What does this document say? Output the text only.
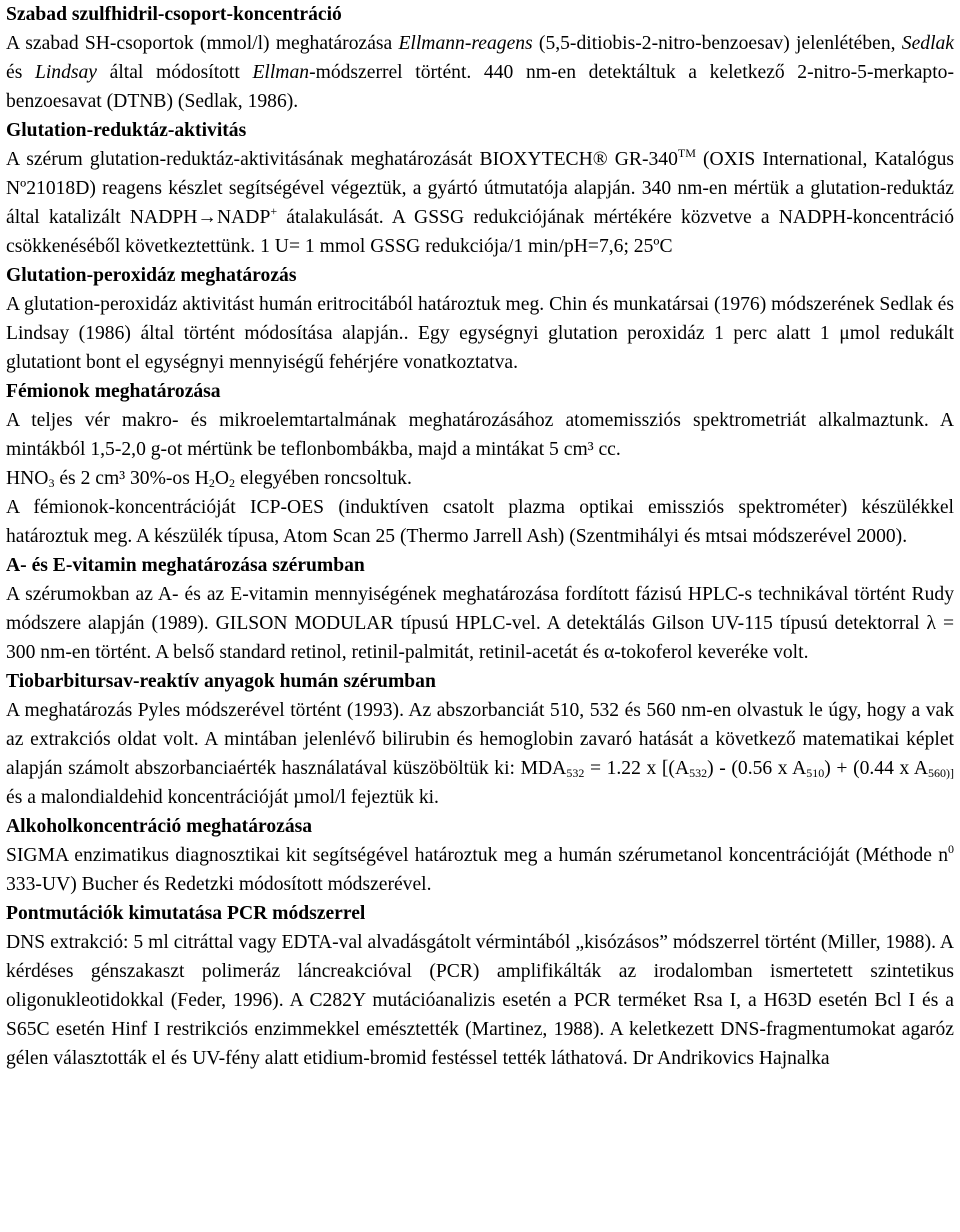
Szabad szulfhidril-csoport-koncentráció

A szabad SH-csoportok (mmol/l) meghatározása Ellmann-reagens (5,5-ditiobis-2-nitro-benzoesav) jelenlétében, Sedlak és Lindsay által módosított Ellman-módszerrel történt. 440 nm-en detektáltuk a keletkező 2-nitro-5-merkapto-benzoesavat (DTNB) (Sedlak, 1986).

Glutation-reduktáz-aktivitás

A szérum glutation-reduktáz-aktivitásának meghatározását BIOXYTECH® GR-340™ (OXIS International, Katalógus Nº21018D) reagens készlet segítségével végeztük, a gyártó útmutatója alapján. 340 nm-en mértük a glutation-reduktáz által katalizált NADPH→NADP+ átalakulását. A GSSG redukciójának mértékére közvetve a NADPH-koncentráció csökkenéséből következtettünk. 1 U= 1 mmol GSSG redukciója/1 min/pH=7,6; 25ºC

Glutation-peroxidáz meghatározás

A glutation-peroxidáz aktivitást humán eritrocitából határoztuk meg. Chin és munkatársai (1976) módszerének Sedlak és Lindsay (1986) által történt módosítása alapján.. Egy egységnyi glutation peroxidáz 1 perc alatt 1 μmol redukált glutationt bont el egységnyi mennyiségű fehérjére vonatkoztatva.

Fémionok meghatározása

A teljes vér makro- és mikroelemtartalmának meghatározásához atomemissziós spektrometriát alkalmaztunk. A mintákból 1,5-2,0 g-ot mértünk be teflonbombákba, majd a mintákat 5 cm³ cc.

$HNO_3$ és 2 cm³ 30%-os $H_2O_2$ elegyében roncsoltuk.

A fémionok-koncentrációját ICP-OES (induktíven csatolt plazma optikai emissziós spektrométer) készülékkel határoztuk meg. A készülék típusa, Atom Scan 25 (Thermo Jarrell Ash) (Szentmihályi és mtsai módszerével 2000).

A- és E-vitamin meghatározása szérumban

A szérumokban az A- és az E-vitamin mennyiségének meghatározása fordított fázisú HPLC-s technikával történt Rudy módszere alapján (1989). GILSON MODULAR típusú HPLC-vel. A detektálás Gilson UV-115 típusú detektorral λ = 300 nm-en történt. A belső standard retinol, retinil-palmitát, retinil-acetát és α-tokoferol keveréke volt.

Tiobarbitursav-reaktív anyagok humán szérumban

A meghatározás Pyles módszerével történt (1993). Az abszorbanciát 510, 532 és 560 nm-en olvastuk le úgy, hogy a vak az extrakciós oldat volt. A mintában jelenlévő bilirubin és hemoglobin zavaró hatását a következő matematikai képlet alapján számolt abszorbanciaérték használatával küszöböltük ki: $MDA_{532} = 1.22$ x [$(A_{532}) - (0.56$ x $A_{510}) + (0.44$ x $A_{560)]}$ és a malondialdehid koncentrációját µmol/l fejeztük ki.

Alkoholkoncentráció meghatározása

SIGMA enzimatikus diagnosztikai kit segítségével határoztuk meg a humán szérumetanol koncentrációját (Méthode $n^0$ 333-UV) Bucher és Redetzki módosított módszerével.

Pontmutációk kimutatása PCR módszerrel

DNS extrakció: 5 ml citráttal vagy EDTA-val alvadásgátolt vérmintából „kisózásos” módszerrel történt (Miller, 1988). A kérdéses génszakaszt polimeráz láncreakcióval (PCR) amplifikálták az irodalomban ismertetett szintetikus oligonukleotidokkal (Feder, 1996). A C282Y mutációanalizis esetén a PCR terméket Rsa I, a H63D esetén Bcl I és a S65C esetén Hinf I restrikciós enzimmekkel emésztették (Martinez, 1988). A keletkezett DNS-fragmentumokat agaróz gélen választották el és UV-fény alatt etidium-bromid festéssel tették láthatová. Dr Andrikovics Hajnalka
